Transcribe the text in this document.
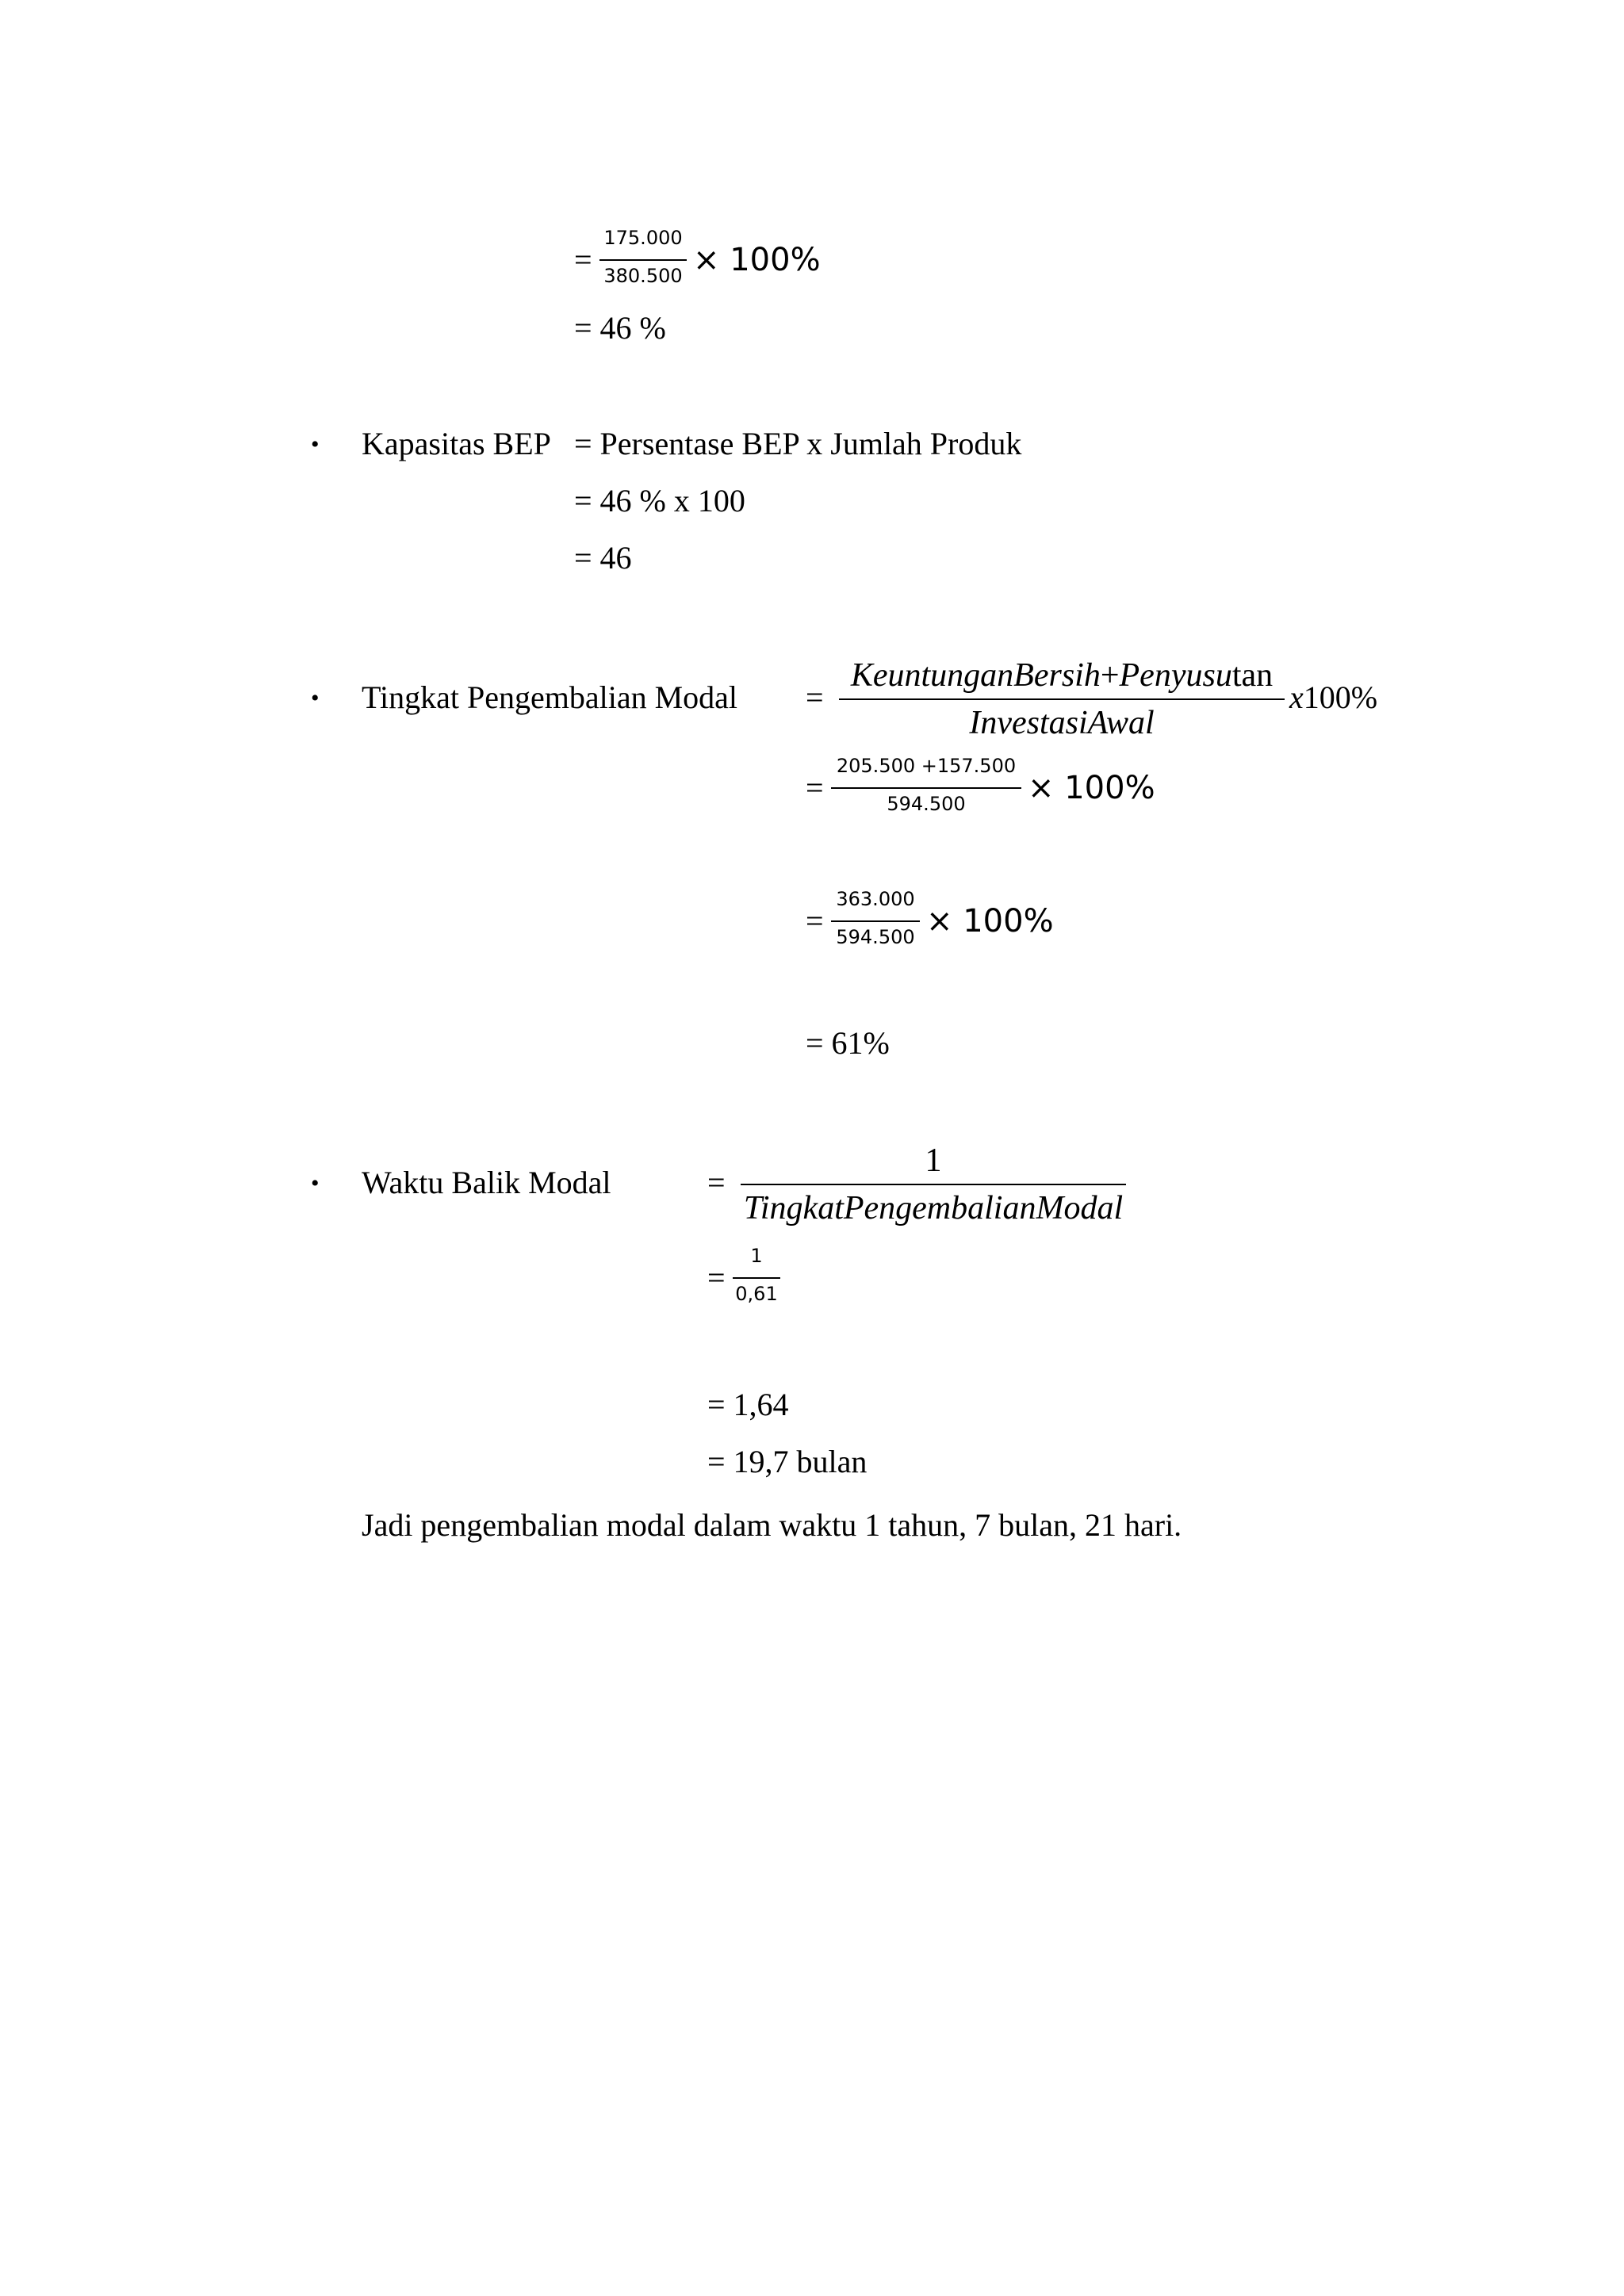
=
175.000
380.500 × 100%
= 46 %
• Kapasitas BEP = Persentase BEP x Jumlah Produk
= 46 % x 100
= 46
• Tingkat Pengembalian Modal =
KeuntunganBersih+Penyusutan
InvestasiAwal
x100%
=
205.500 +157.500
594.500	× 100%
=
363.000
594.500 × 100%
= 61%
• Waktu Balik Modal	=
1
TingkatPengembalianModal
=
1
0,61
= 1,64
= 19,7 bulan
Jadi pengembalian modal dalam waktu 1 tahun, 7 bulan, 21 hari.
